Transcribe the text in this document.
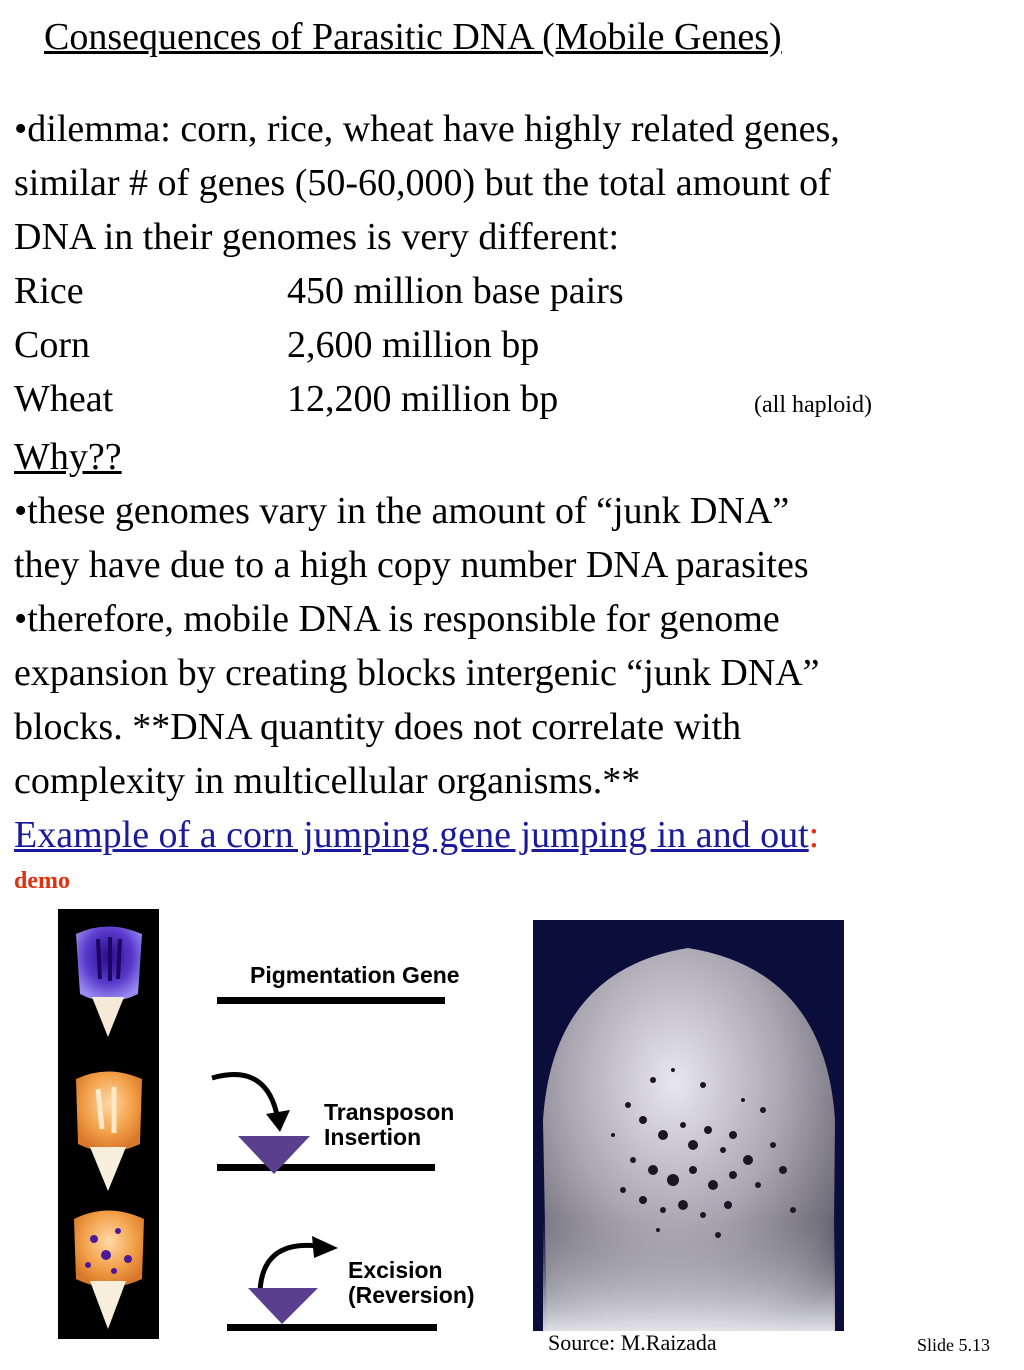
Consequences of Parasitic DNA (Mobile Genes)
•dilemma: corn, rice, wheat have highly related genes,
similar # of genes (50-60,000) but the total amount of
DNA in their genomes is very different:
Rice	450 million base pairs
Corn	2,600 million bp
Wheat	12,200 million bp	(all haploid)
Why??
•these genomes vary in the amount of “junk DNA”
they have due to a high copy number DNA parasites
•therefore, mobile DNA is responsible for genome
expansion by creating blocks intergenic “junk DNA”
blocks. **DNA quantity does not correlate with
complexity in multicellular organisms.**
Example of a corn jumping gene jumping in and out:
demo
Pigmentation Gene
Transposon
Insertion
Excision
(Reversion)
Source: M.Raizada	Slide 5.13
